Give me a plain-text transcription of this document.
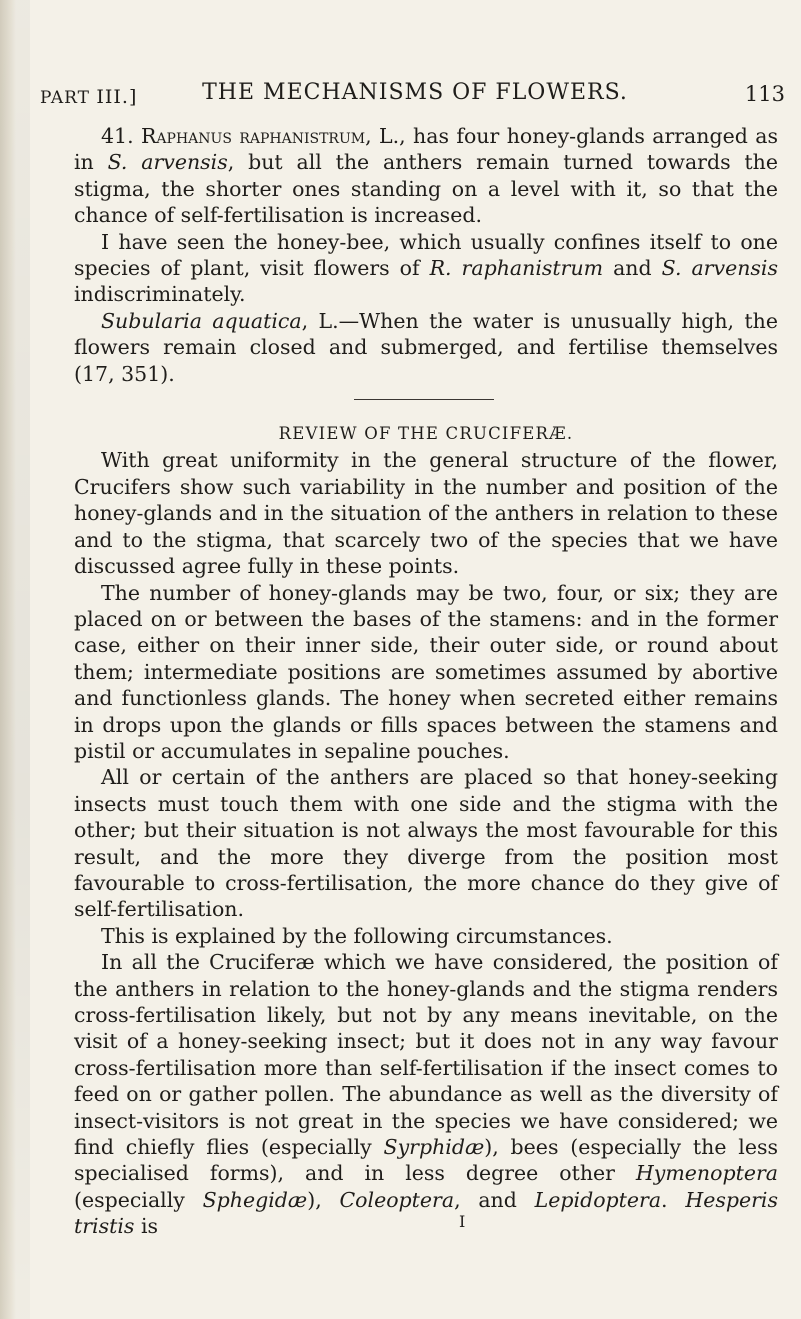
PART III.]	THE MECHANISMS OF FLOWERS.	113

41. Raphanus raphanistrum, L., has four honey-glands arranged as in S. arvensis, but all the anthers remain turned towards the stigma, the shorter ones standing on a level with it, so that the chance of self-fertilisation is increased.

I have seen the honey-bee, which usually confines itself to one species of plant, visit flowers of R. raphanistrum and S. arvensis indiscriminately.

Subularia aquatica, L.—When the water is unusually high, the flowers remain closed and submerged, and fertilise themselves (17, 351).

REVIEW OF THE CRUCIFERÆ.

With great uniformity in the general structure of the flower, Crucifers show such variability in the number and position of the honey-glands and in the situation of the anthers in relation to these and to the stigma, that scarcely two of the species that we have discussed agree fully in these points.

The number of honey-glands may be two, four, or six; they are placed on or between the bases of the stamens: and in the former case, either on their inner side, their outer side, or round about them; intermediate positions are sometimes assumed by abortive and functionless glands. The honey when secreted either remains in drops upon the glands or fills spaces between the stamens and pistil or accumulates in sepaline pouches.

All or certain of the anthers are placed so that honey-seeking insects must touch them with one side and the stigma with the other; but their situation is not always the most favourable for this result, and the more they diverge from the position most favourable to cross-fertilisation, the more chance do they give of self-fertilisation.

This is explained by the following circumstances.

In all the Cruciferæ which we have considered, the position of the anthers in relation to the honey-glands and the stigma renders cross-fertilisation likely, but not by any means inevitable, on the visit of a honey-seeking insect; but it does not in any way favour cross-fertilisation more than self-fertilisation if the insect comes to feed on or gather pollen. The abundance as well as the diversity of insect-visitors is not great in the species we have considered; we find chiefly flies (especially Syrphidæ), bees (especially the less specialised forms), and in less degree other Hymenoptera (especially Sphegidæ), Coleoptera, and Lepidoptera. Hesperis tristis is	I
